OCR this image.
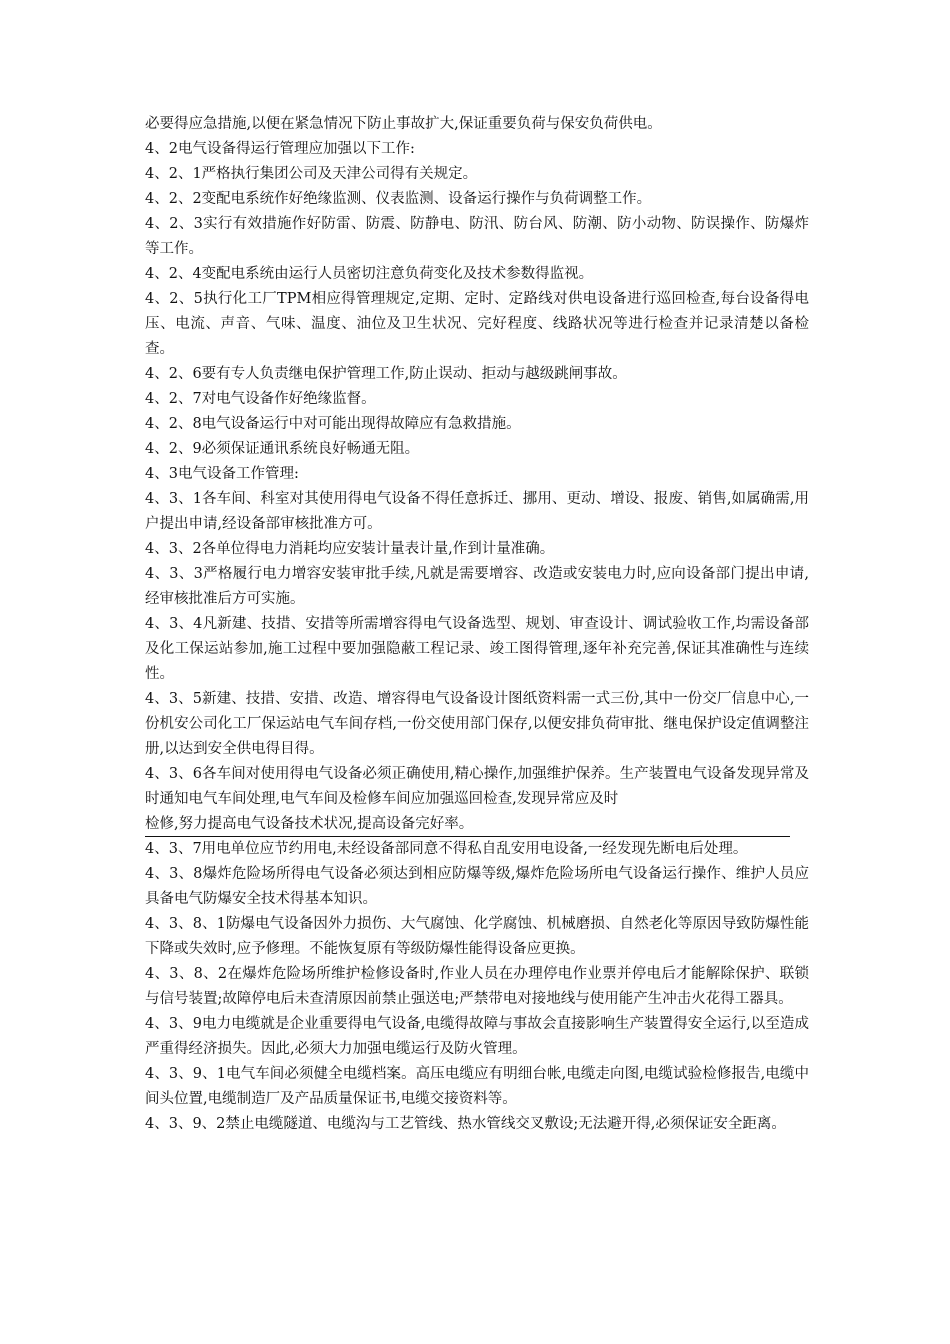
必要得应急措施,以便在紧急情况下防止事故扩大,保证重要负荷与保安负荷供电。

4、2电气设备得运行管理应加强以下工作:

4、2、1严格执行集团公司及天津公司得有关规定。

4、2、2变配电系统作好绝缘监测、仪表监测、设备运行操作与负荷调整工作。

4、2、3实行有效措施作好防雷、防震、防静电、防汛、防台风、防潮、防小动物、防误操作、防爆炸等工作。

4、2、4变配电系统由运行人员密切注意负荷变化及技术参数得监视。

4、2、5执行化工厂TPM相应得管理规定,定期、定时、定路线对供电设备进行巡回检查,每台设备得电压、电流、声音、气味、温度、油位及卫生状况、完好程度、线路状况等进行检查并记录清楚以备检查。

4、2、6要有专人负责继电保护管理工作,防止误动、拒动与越级跳闸事故。

4、2、7对电气设备作好绝缘监督。

4、2、8电气设备运行中对可能出现得故障应有急救措施。

4、2、9必须保证通讯系统良好畅通无阻。

4、3电气设备工作管理:

4、3、1各车间、科室对其使用得电气设备不得任意拆迁、挪用、更动、增设、报废、销售,如属确需,用户提出申请,经设备部审核批准方可。

4、3、2各单位得电力消耗均应安装计量表计量,作到计量准确。

4、3、3严格履行电力增容安装审批手续,凡就是需要增容、改造或安装电力时,应向设备部门提出申请,经审核批准后方可实施。

4、3、4凡新建、技措、安措等所需增容得电气设备选型、规划、审查设计、调试验收工作,均需设备部及化工保运站参加,施工过程中要加强隐蔽工程记录、竣工图得管理,逐年补充完善,保证其准确性与连续性。

4、3、5新建、技措、安措、改造、增容得电气设备设计图纸资料需一式三份,其中一份交厂信息中心,一份机安公司化工厂保运站电气车间存档,一份交使用部门保存,以便安排负荷审批、继电保护设定值调整注册,以达到安全供电得目得。

4、3、6各车间对使用得电气设备必须正确使用,精心操作,加强维护保养。生产装置电气设备发现异常及时通知电气车间处理,电气车间及检修车间应加强巡回检查,发现异常应及时

检修,努力提高电气设备技术状况,提高设备完好率。

4、3、7用电单位应节约用电,未经设备部同意不得私自乱安用电设备,一经发现先断电后处理。

4、3、8爆炸危险场所得电气设备必须达到相应防爆等级,爆炸危险场所电气设备运行操作、维护人员应具备电气防爆安全技术得基本知识。

4、3、8、1防爆电气设备因外力损伤、大气腐蚀、化学腐蚀、机械磨损、自然老化等原因导致防爆性能下降或失效时,应予修理。不能恢复原有等级防爆性能得设备应更换。

4、3、8、2在爆炸危险场所维护检修设备时,作业人员在办理停电作业票并停电后才能解除保护、联锁与信号装置;故障停电后未查清原因前禁止强送电;严禁带电对接地线与使用能产生冲击火花得工器具。

4、3、9电力电缆就是企业重要得电气设备,电缆得故障与事故会直接影响生产装置得安全运行,以至造成严重得经济损失。因此,必须大力加强电缆运行及防火管理。

4、3、9、1电气车间必须健全电缆档案。高压电缆应有明细台帐,电缆走向图,电缆试验检修报告,电缆中间头位置,电缆制造厂及产品质量保证书,电缆交接资料等。

4、3、9、2禁止电缆隧道、电缆沟与工艺管线、热水管线交叉敷设;无法避开得,必须保证安全距离。
